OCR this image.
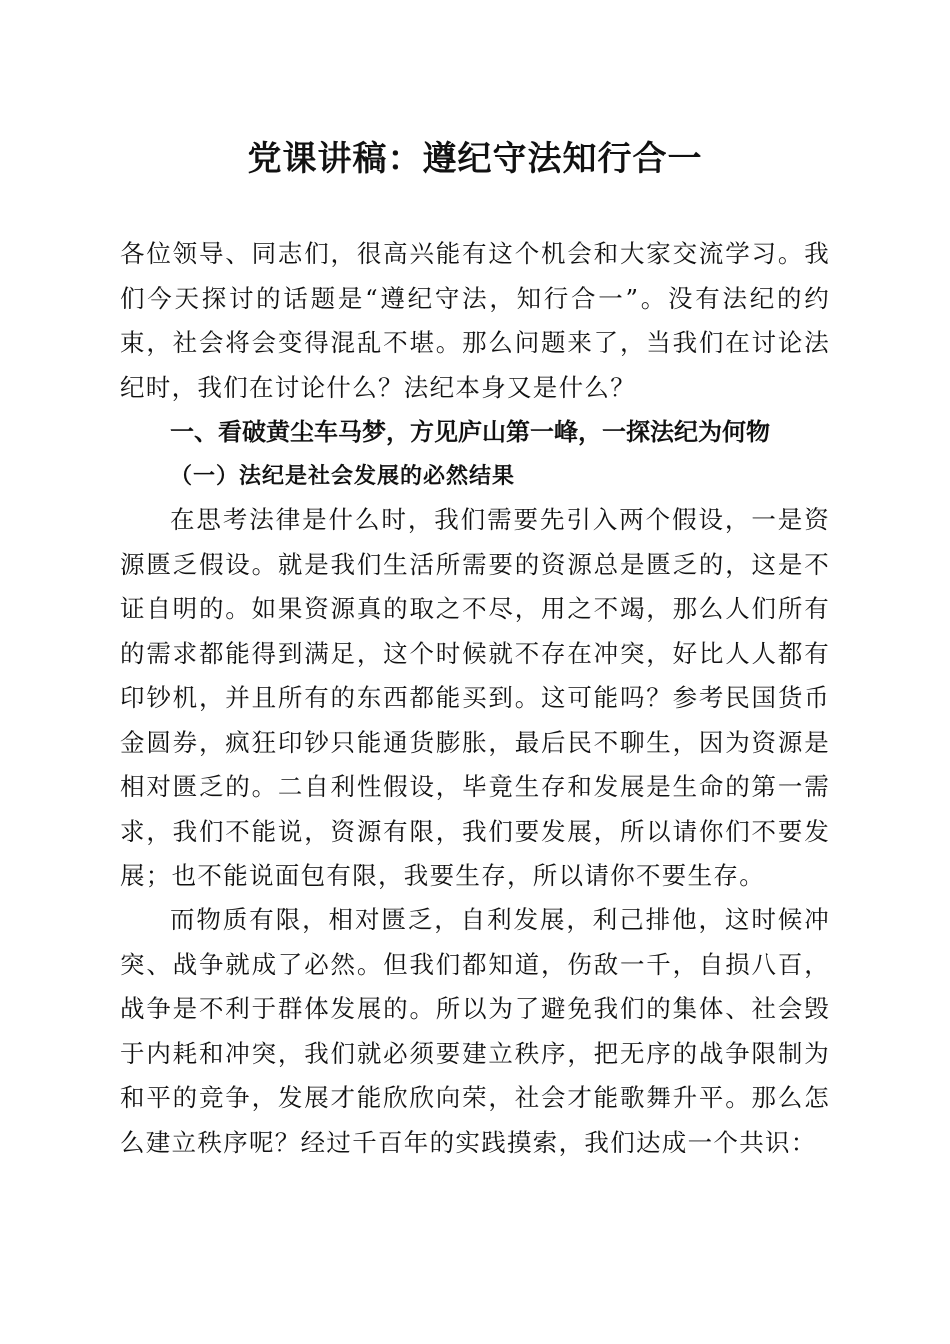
党课讲稿：遵纪守法知行合一

各位领导、同志们，很高兴能有这个机会和大家交流学习。我们今天探讨的话题是“遵纪守法，知行合一”。没有法纪的约束，社会将会变得混乱不堪。那么问题来了，当我们在讨论法纪时，我们在讨论什么？法纪本身又是什么？

一、看破黄尘车马梦，方见庐山第一峰，一探法纪为何物
（一）法纪是社会发展的必然结果

在思考法律是什么时，我们需要先引入两个假设，一是资源匮乏假设。就是我们生活所需要的资源总是匮乏的，这是不证自明的。如果资源真的取之不尽，用之不竭，那么人们所有的需求都能得到满足，这个时候就不存在冲突，好比人人都有印钞机，并且所有的东西都能买到。这可能吗？参考民国货币金圆券，疯狂印钞只能通货膨胀，最后民不聊生，因为资源是相对匮乏的。二自利性假设，毕竟生存和发展是生命的第一需求，我们不能说，资源有限，我们要发展，所以请你们不要发展；也不能说面包有限，我要生存，所以请你不要生存。

而物质有限，相对匮乏，自利发展，利己排他，这时候冲突、战争就成了必然。但我们都知道，伤敌一千，自损八百，战争是不利于群体发展的。所以为了避免我们的集体、社会毁于内耗和冲突，我们就必须要建立秩序，把无序的战争限制为和平的竞争，发展才能欣欣向荣，社会才能歌舞升平。那么怎么建立秩序呢？经过千百年的实践摸索，我们达成一个共识：
